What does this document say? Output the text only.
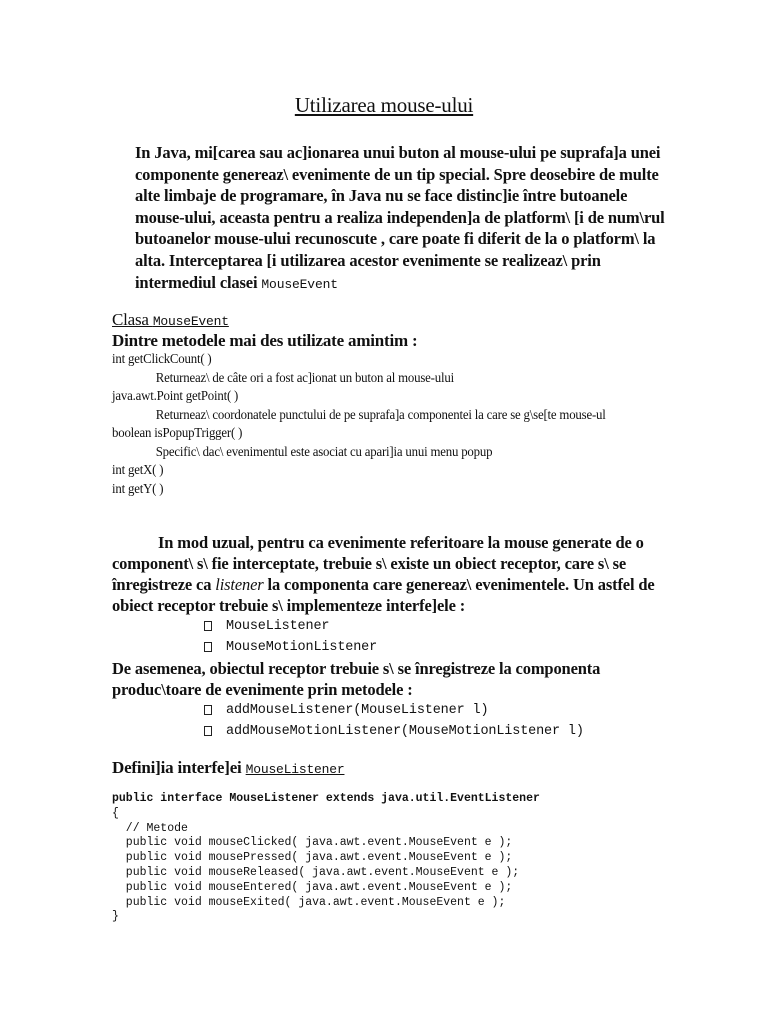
Utilizarea mouse-ului

In Java, mi[carea sau ac]ionarea unui buton al mouse-ului pe suprafa]a unei componente genereaz\ evenimente de un tip special. Spre deosebire de multe alte limbaje de programare, în Java nu se face distinc]ie între butoanele mouse-ului, aceasta pentru a realiza independen]a de platform\ [i de num\rul butoanelor mouse-ului recunoscute , care poate fi diferit de la o platform\ la alta. Interceptarea [i utilizarea acestor evenimente se realizeaz\ prin intermediul clasei MouseEvent

Clasa MouseEvent

Dintre metodele mai des utilizate amintim :

int getClickCount( )

Returneaz\ de câte ori a fost ac]ionat un buton al mouse-ului

java.awt.Point getPoint( )

Returneaz\ coordonatele punctului de pe suprafa]a componentei la care se g\se[te mouse-ul

boolean isPopupTrigger( )

Specific\ dac\ evenimentul este asociat cu apari]ia unui menu popup

int getX( )

int getY( )

In mod uzual, pentru ca evenimente referitoare la mouse generate de o component\ s\ fie interceptate, trebuie s\ existe un obiect receptor, care s\ se înregistreze ca listener la componenta care genereaz\ evenimentele. Un astfel de obiect receptor trebuie s\ implementeze interfe]ele :

MouseListener
MouseMotionListener

De asemenea, obiectul receptor trebuie s\ se înregistreze la componenta produc\toare de evenimente prin metodele :

addMouseListener(MouseListener l)
addMouseMotionListener(MouseMotionListener l)

Defini]ia interfe]ei MouseListener

public interface MouseListener extends java.util.EventListener
{
// Metode
public void mouseClicked( java.awt.event.MouseEvent e );
public void mousePressed( java.awt.event.MouseEvent e );
public void mouseReleased( java.awt.event.MouseEvent e );
public void mouseEntered( java.awt.event.MouseEvent e );
public void mouseExited( java.awt.event.MouseEvent e );
}
